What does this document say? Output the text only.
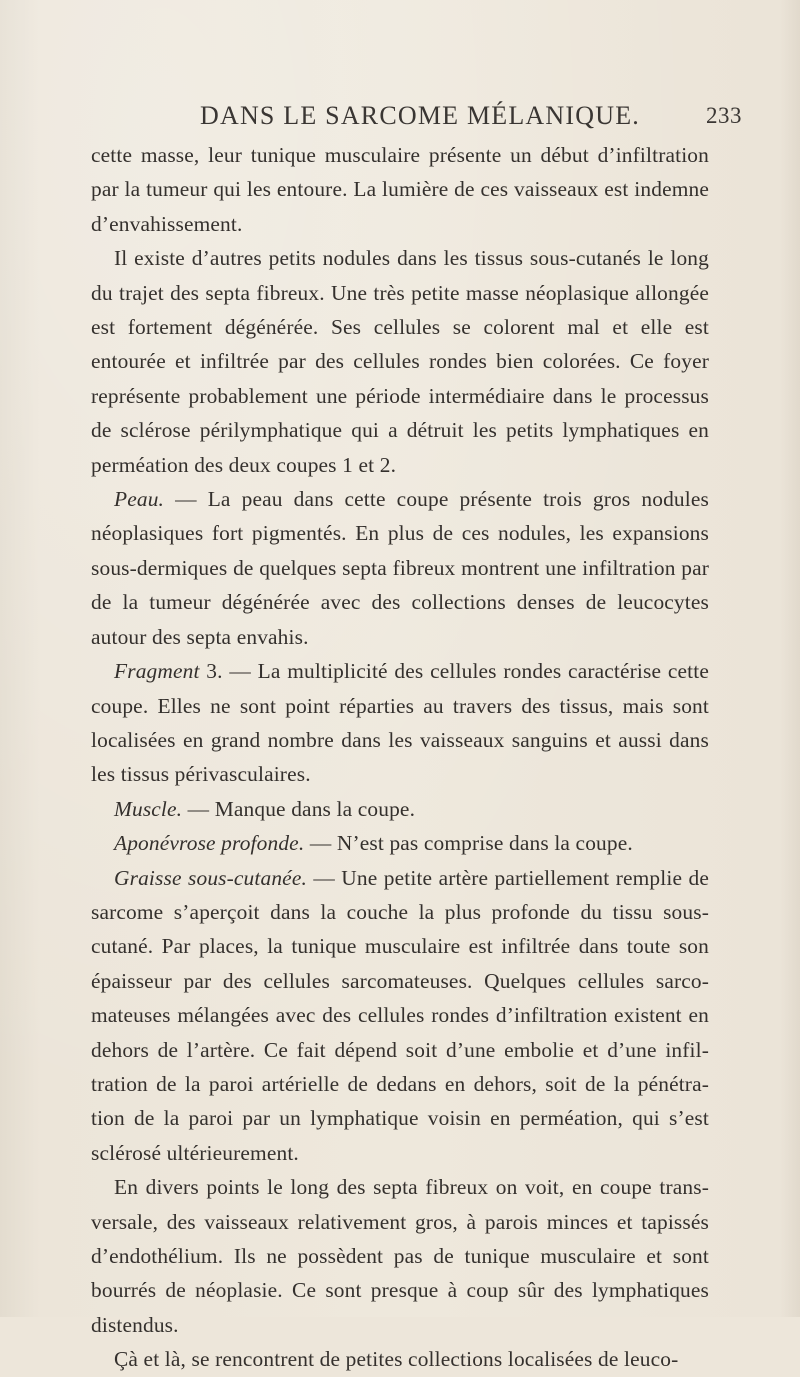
DANS LE SARCOME MÉLANIQUE.	233

cette masse, leur tunique musculaire présente un début d’infiltration par la tumeur qui les entoure. La lumière de ces vaisseaux est indemne d’envahissement.

Il existe d’autres petits nodules dans les tissus sous-cutanés le long du trajet des septa fibreux. Une très petite masse néoplasique allongée est fortement dégénérée. Ses cellules se colorent mal et elle est entourée et infiltrée par des cellules rondes bien colorées. Ce foyer représente probablement une période intermédiaire dans le processus de sclérose périlymphatique qui a détruit les petits lymphatiques en perméation des deux coupes 1 et 2.

Peau. — La peau dans cette coupe présente trois gros nodules néoplasiques fort pigmentés. En plus de ces nodules, les expansions sous-dermiques de quelques septa fibreux montrent une infiltration par de la tumeur dégénérée avec des collections denses de leucocytes autour des septa envahis.

Fragment 3. — La multiplicité des cellules rondes caractérise cette coupe. Elles ne sont point réparties au travers des tissus, mais sont localisées en grand nombre dans les vaisseaux sanguins et aussi dans les tissus périvasculaires.

Muscle. — Manque dans la coupe.

Aponévrose profonde. — N’est pas comprise dans la coupe.

Graisse sous-cutanée. — Une petite artère partiellement remplie de sarcome s’aperçoit dans la couche la plus profonde du tissu sous-cutané. Par places, la tunique musculaire est infiltrée dans toute son épaisseur par des cellules sarcomateuses. Quelques cellules sarco-mateuses mélangées avec des cellules rondes d’infiltration existent en dehors de l’artère. Ce fait dépend soit d’une embolie et d’une infil-tration de la paroi artérielle de dedans en dehors, soit de la pénétra-tion de la paroi par un lymphatique voisin en perméation, qui s’est sclérosé ultérieurement.

En divers points le long des septa fibreux on voit, en coupe trans-versale, des vaisseaux relativement gros, à parois minces et tapissés d’endothélium. Ils ne possèdent pas de tunique musculaire et sont bourrés de néoplasie. Ce sont presque à coup sûr des lymphatiques distendus.

Çà et là, se rencontrent de petites collections localisées de leuco-
